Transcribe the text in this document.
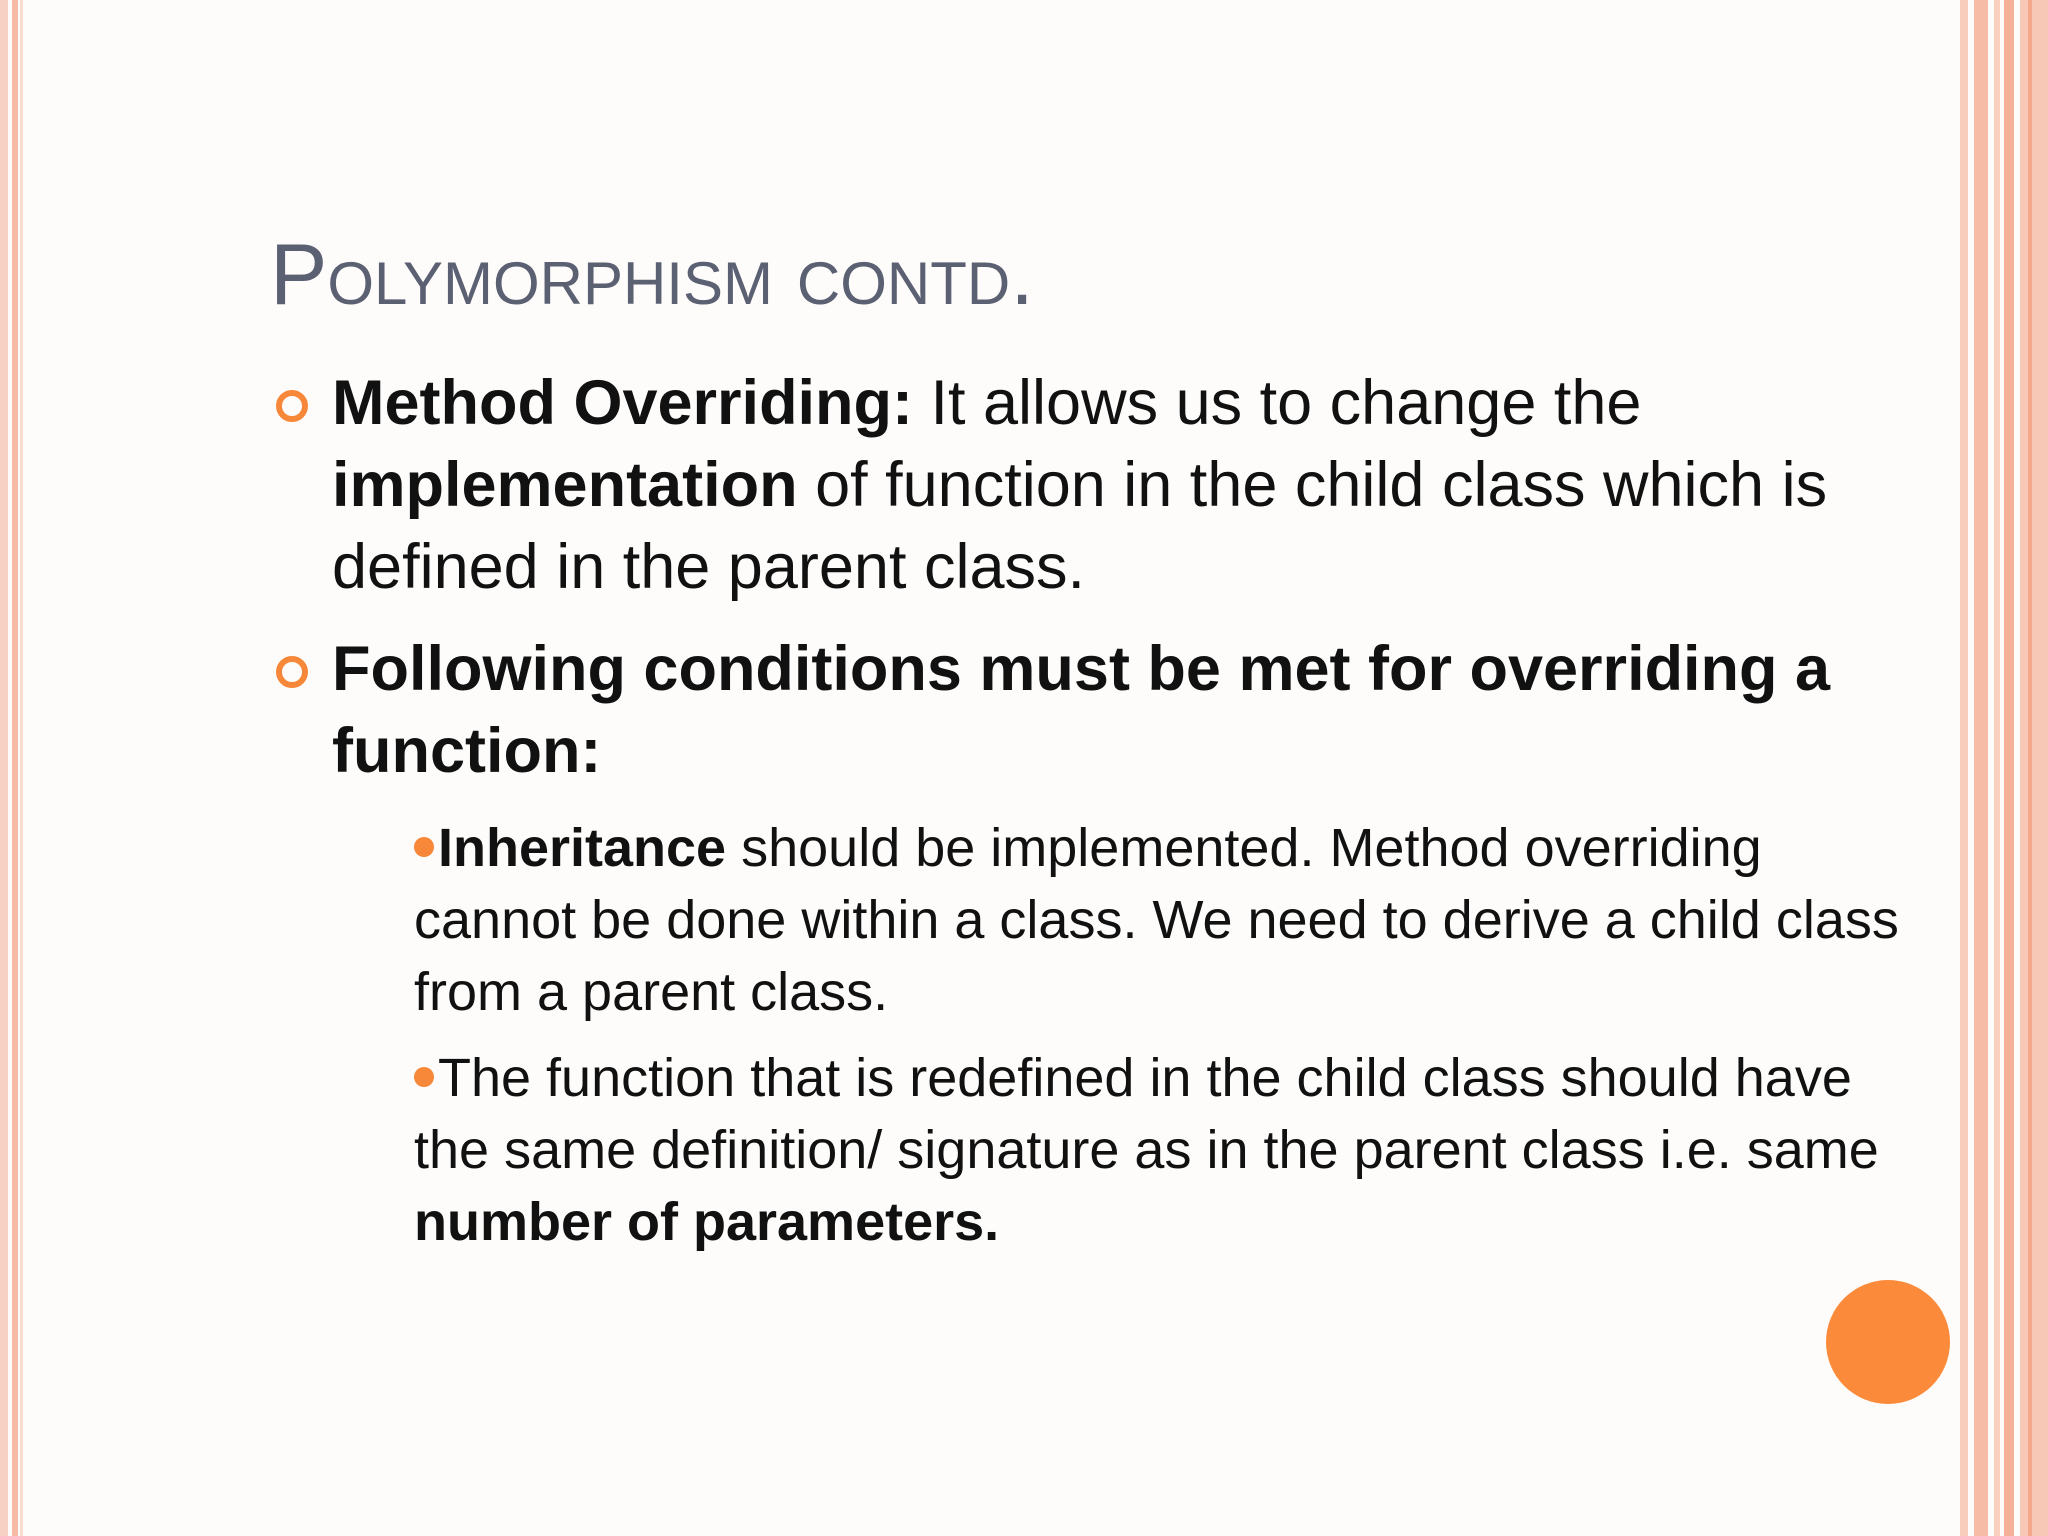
Polymorphism contd.
Method Overriding: It allows us to change the implementation of function in the child class which is defined in the parent class.
Following conditions must be met for overriding a function:
Inheritance should be implemented. Method overriding cannot be done within a class. We need to derive a child class from a parent class.
The function that is redefined in the child class should have the same definition/ signature as in the parent class i.e. same number of parameters.
